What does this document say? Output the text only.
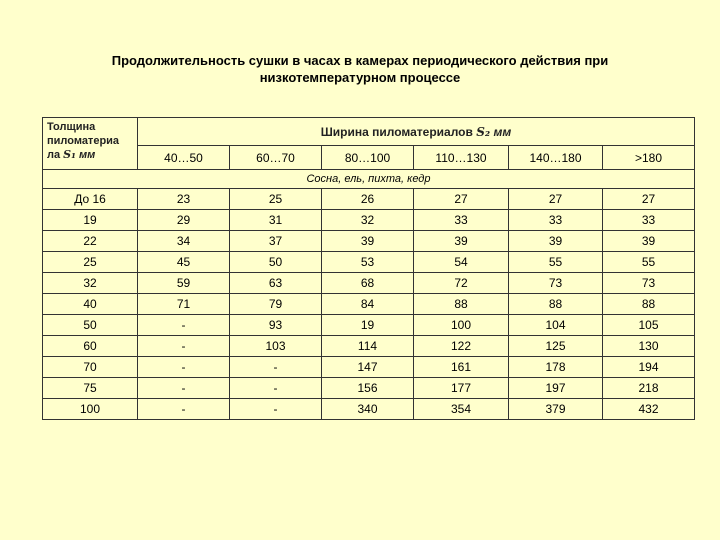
Продолжительность сушки в часах в камерах периодического действия при
низкотемпературном процессе
Толщина
пиломатериа
ла S₁ мм	Ширина пиломатериалов S₂ мм					
	40…50	60…70	80…100	110…130	140…180	>180
Сосна, ель, пихта, кедр						
До 16	23	25	26	27	27	27
19	29	31	32	33	33	33
22	34	37	39	39	39	39
25	45	50	53	54	55	55
32	59	63	68	72	73	73
40	71	79	84	88	88	88
50	-	93	19	100	104	105
60	-	103	114	122	125	130
70	-	-	147	161	178	194
75	-	-	156	177	197	218
100	-	-	340	354	379	432
